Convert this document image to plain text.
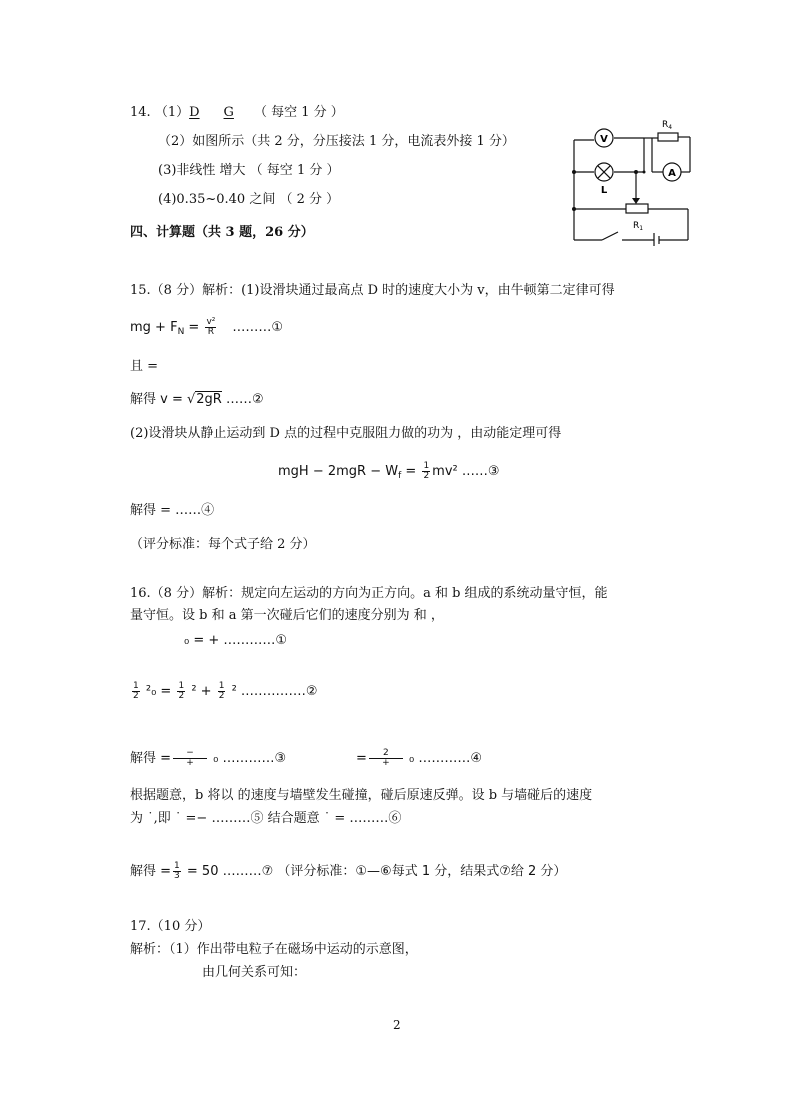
14. （1）D G （ 每空 1 分 ）
（2）如图所示（共 2 分，分压接法 1 分，电流表外接 1 分）
(3)非线性 增大 （ 每空 1 分 ）
(4)0.35~0.40 之间 （ 2 分 ）
V
A
L
$R_4$
$R_1$
四、计算题（共 3 题，26 分）
15.（8 分）解析：(1)设滑块通过最高点 D 时的速度大小为 v，由牛顿第二定律可得
mg + $F_N = \frac{\text{v²}}{R}$ ………①
且 =
解得 v = √2gR ……②
(2)设滑块从静止运动到 D 点的过程中克服阻力做的功为 ，由动能定理可得
mgH − $2mgR - W_f = \frac{1}{2} mv^2$ ……③
解得 = ……④
（评分标准：每个式子给 2 分）
16.（8 分）解析：规定向左运动的方向为正方向。a 和 b 组成的系统动量守恒，能
量守恒。设 b 和 a 第一次碰后它们的速度分别为 和 ，
₀ = + …………①
$\frac{1}{2} ^2_0 = \frac{1}{2} ^2 + \frac{1}{2} ^2$ ……………②
解得 = $\frac{-}{+} _0$ …………③	= $\frac{2}{+} _0$ …………④
根据题意，b 将以 的速度与墙壁发生碰撞，碰后原速反弹。设 b 与墙碰后的速度
为 ˙,即 ˙ =− ………⑤ 结合题意 ˙ = ………⑥
解得 = $\frac{1}{3} = 50$ ………⑦ （评分标准：①—⑥每式 1 分，结果式⑦给 2 分）
17.（10 分）
解析：（1）作出带电粒子在磁场中运动的示意图，
由几何关系可知：
2
